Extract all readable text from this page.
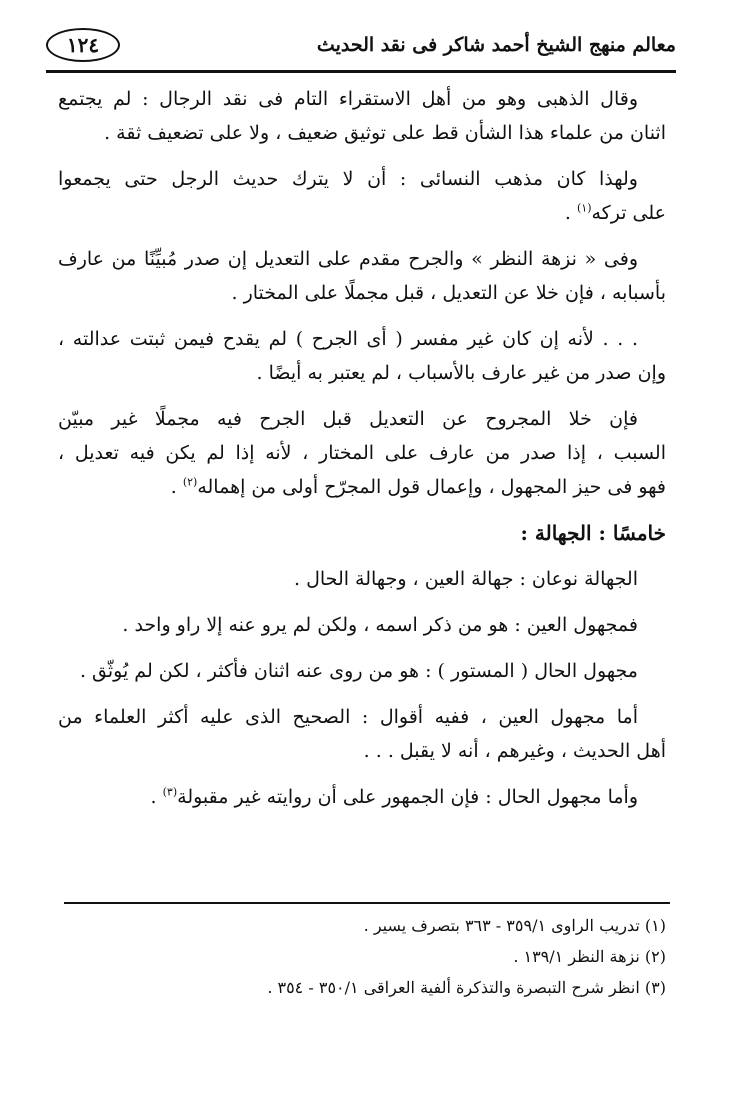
معالم منهج الشيخ أحمد شاكر فى نقد الحديث
١٢٤
وقال الذهبى وهو من أهل الاستقراء التام فى نقد الرجال : لم يجتمع
اثنان من علماء هذا الشأن قط على توثيق ضعيف ، ولا على تضعيف ثقة .
ولهذا كان مذهب النسائى : أن لا يترك حديث الرجل حتى يجمعوا
على تركه$^{(١)}$ .
وفى « نزهة النظر » والجرح مقدم على التعديل إن صدر مُبيِّنًا من عارف
بأسبابه ، فإن خلا عن التعديل ، قبل مجملًا على المختار .
. . . لأنه إن كان غير مفسر ( أى الجرح ) لم يقدح فيمن ثبتت عدالته ،
وإن صدر من غير عارف بالأسباب ، لم يعتبر به أيضًا .
فإن خلا المجروح عن التعديل قبل الجرح فيه مجملًا غير مبيّن
السبب ، إذا صدر من عارف على المختار ، لأنه إذا لم يكن فيه تعديل ،
فهو فى حيز المجهول ، وإعمال قول المجرّح أولى من إهماله$^{(٢)}$ .
خامسًا : الجهالة :
الجهالة نوعان : جهالة العين ، وجهالة الحال .
فمجهول العين : هو من ذكر اسمه ، ولكن لم يرو عنه إلا راو واحد .
مجهول الحال ( المستور ) : هو من روى عنه اثنان فأكثر ، لكن لم يُوثّق .
أما مجهول العين ، ففيه أقوال : الصحيح الذى عليه أكثر العلماء من
أهل الحديث ، وغيرهم ، أنه لا يقبل . . .
وأما مجهول الحال : فإن الجمهور على أن روايته غير مقبولة$^{(٣)}$ .
(١) تدريب الراوى ٣٥٩/١ - ٣٦٣ بتصرف يسير .
(٢) نزهة النظر ١٣٩/١ .
(٣) انظر شرح التبصرة والتذكرة ألفية العراقى ٣٥٠/١ - ٣٥٤ .
